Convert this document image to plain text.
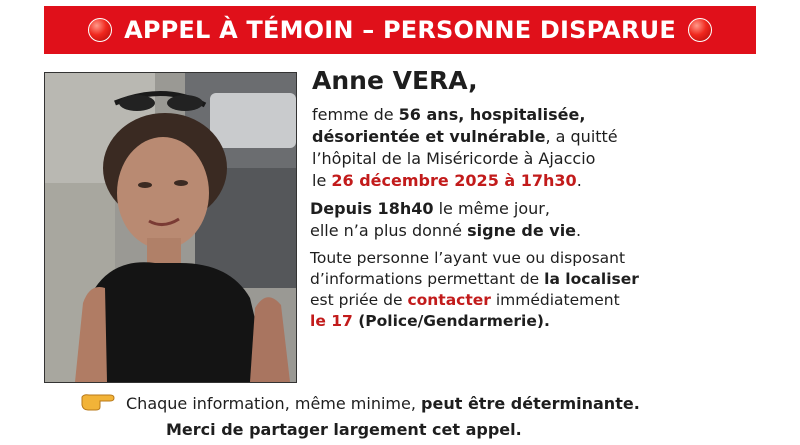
APPEL À TÉMOIN – PERSONNE DISPARUE
Anne VERA,
femme de 56 ans, hospitalisée,
désorientée et vulnérable, a quitté
l’hôpital de la Miséricorde à Ajaccio
le 26 décembre 2025 à 17h30.
Depuis 18h40 le même jour,
elle n’a plus donné signe de vie.
Toute personne l’ayant vue ou disposant
d’informations permettant de la localiser
est priée de contacter immédiatement
le 17 (Police/Gendarmerie).
Chaque information, même minime,
peut être déterminante.
Merci de partager largement cet appel.
